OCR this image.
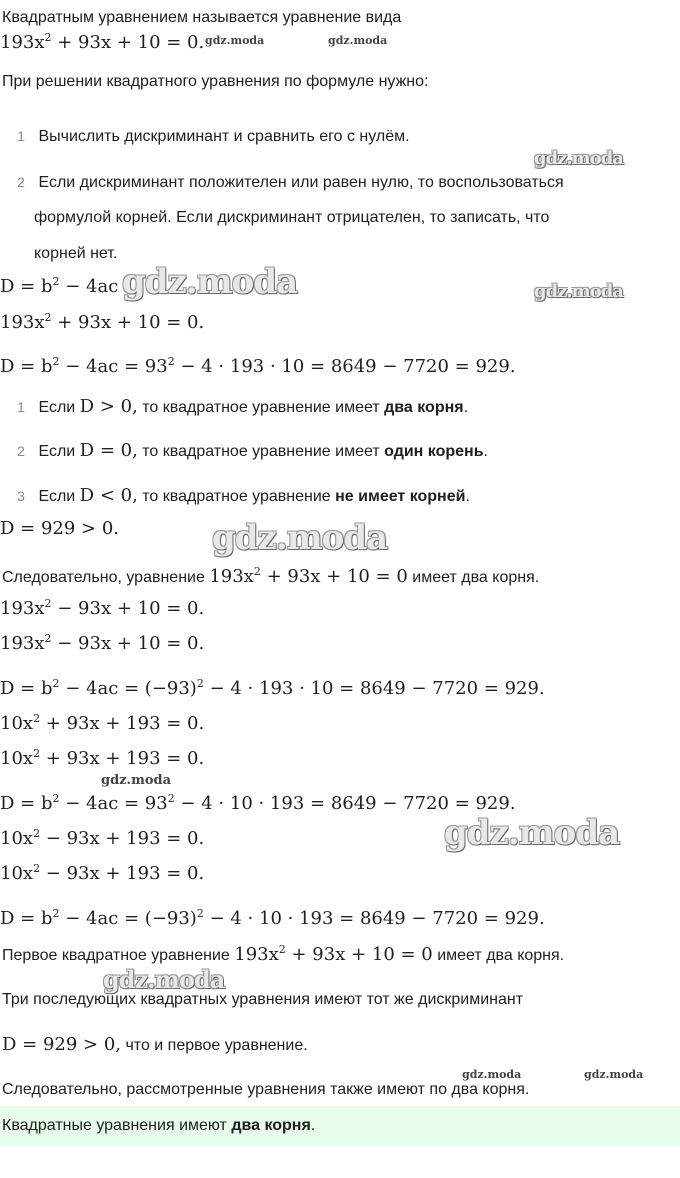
Квадратным уравнением называется уравнение вида
$193x^2 + 93x + 10 = 0$.
При решении квадратного уравнения по формуле нужно:
1 Вычислить дискриминант и сравнить его с нулём.
2 Если дискриминант положителен или равен нулю, то воспользоваться
формулой корней. Если дискриминант отрицателен, то записать, что
корней нет.
$D = b^2 - 4ac$
$193x^2 + 93x + 10 = 0$.
$D = b^2 - 4ac = 93^2 - 4 \cdot 193 \cdot 10 = 8649 - 7720 = 929$.
1 Если D > 0, то квадратное уравнение имеет два корня.
2 Если D = 0, то квадратное уравнение имеет один корень.
3 Если D < 0, то квадратное уравнение не имеет корней.
D = 929 > 0.
Следовательно, уравнение $193x^2 + 93x + 10 = 0$ имеет два корня.
$193x^2 - 93x + 10 = 0$.
$193x^2 - 93x + 10 = 0$.
$D = b^2 - 4ac = (-93)^2 - 4 \cdot 193 \cdot 10 = 8649 - 7720 = 929$.
$10x^2 + 93x + 193 = 0$.
$10x^2 + 93x + 193 = 0$.
$D = b^2 - 4ac = 93^2 - 4 \cdot 10 \cdot 193 = 8649 - 7720 = 929$.
$10x^2 - 93x + 193 = 0$.
$10x^2 - 93x + 193 = 0$.
$D = b^2 - 4ac = (-93)^2 - 4 \cdot 10 \cdot 193 = 8649 - 7720 = 929$.
Первое квадратное уравнение $193x^2 + 93x + 10 = 0$ имеет два корня.
Три последующих квадратных уравнения имеют тот же дискриминант
D = 929 > 0, что и первое уравнение.
Следовательно, рассмотренные уравнения также имеют по два корня.
Квадратные уравнения имеют два корня.
gdz.moda	gdz.moda
gdz.moda
gdz.moda	gdz.moda
gdz.moda
gdz.moda
gdz.moda
gdz.moda
gdz.moda	gdz.moda
